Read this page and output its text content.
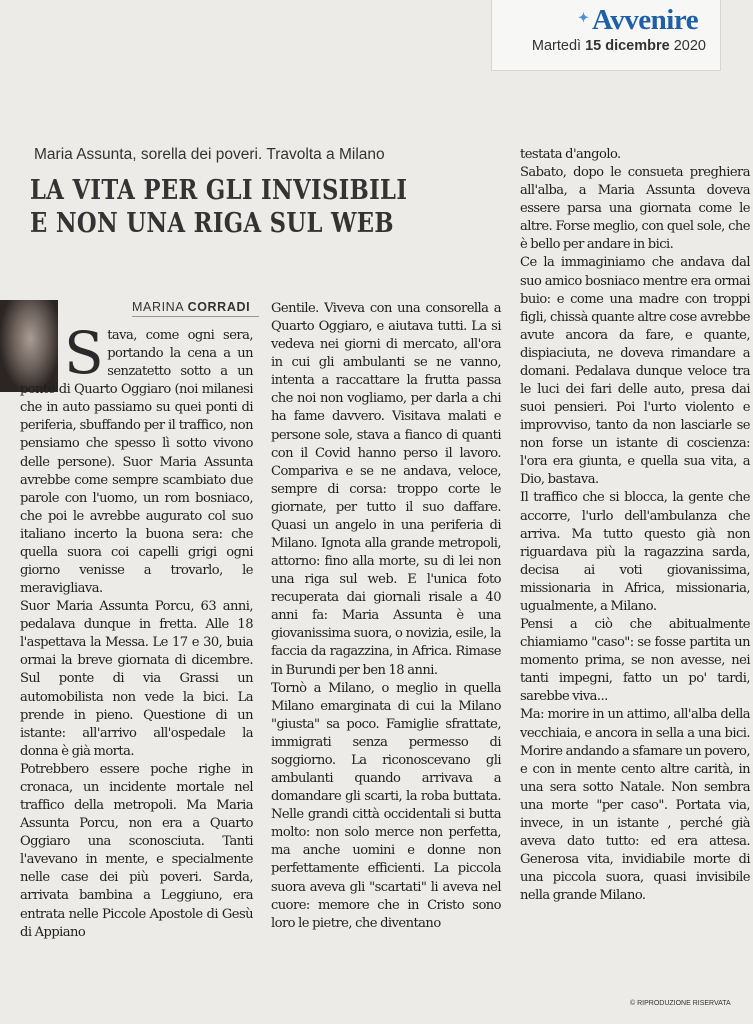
✦ Avvenire
Martedì 15 dicembre 2020
Maria Assunta, sorella dei poveri. Travolta a Milano
LA VITA PER GLI INVISIBILI
E NON UNA RIGA SUL WEB
MARINA CORRADI

Stava, come ogni sera, portando la cena a un senzatetto sotto a un ponte di Quarto Oggiaro (noi milanesi che in auto passiamo su quei ponti di periferia, sbuffando per il traffico, non pensiamo che spesso lì sotto vivono delle persone). Suor Maria Assunta avrebbe come sempre scambiato due parole con l'uomo, un rom bosniaco, che poi le avrebbe augurato col suo italiano incerto la buona sera: che quella suora coi capelli grigi ogni giorno venisse a trovarlo, le meravigliava.

Suor Maria Assunta Porcu, 63 anni, pedalava dunque in fretta. Alle 18 l'aspettava la Messa. Le 17 e 30, buia ormai la breve giornata di dicembre. Sul ponte di via Grassi un automobilista non vede la bici. La prende in pieno. Questione di un istante: all'arrivo all'ospedale la donna è già morta.

Potrebbero essere poche righe in cronaca, un incidente mortale nel traffico della metropoli. Ma Maria Assunta Porcu, non era a Quarto Oggiaro una sconosciuta. Tanti l'avevano in mente, e specialmente nelle case dei più poveri. Sarda, arrivata bambina a Leggiuno, era entrata nelle Piccole Apostole di Gesù di Appiano

Gentile. Viveva con una consorella a Quarto Oggiaro, e aiutava tutti. La si vedeva nei giorni di mercato, all'ora in cui gli ambulanti se ne vanno, intenta a raccattare la frutta passa che noi non vogliamo, per darla a chi ha fame davvero. Visitava malati e persone sole, stava a fianco di quanti con il Covid hanno perso il lavoro. Compariva e se ne andava, veloce, sempre di corsa: troppo corte le giornate, per tutto il suo daffare. Quasi un angelo in una periferia di Milano. Ignota alla grande metropoli, attorno: fino alla morte, su di lei non una riga sul web. E l'unica foto recuperata dai giornali risale a 40 anni fa: Maria Assunta è una giovanissima suora, o novizia, esile, la faccia da ragazzina, in Africa. Rimase in Burundi per ben 18 anni.

Tornò a Milano, o meglio in quella Milano emarginata di cui la Milano "giusta" sa poco. Famiglie sfrattate, immigrati senza permesso di soggiorno. La riconoscevano gli ambulanti quando arrivava a domandare gli scarti, la roba buttata. Nelle grandi città occidentali si butta molto: non solo merce non perfetta, ma anche uomini e donne non perfettamente efficienti. La piccola suora aveva gli "scartati" li aveva nel cuore: memore che in Cristo sono loro le pietre, che diventano

testata d'angolo.

Sabato, dopo le consueta preghiera all'alba, a Maria Assunta doveva essere parsa una giornata come le altre. Forse meglio, con quel sole, che è bello per andare in bici.

Ce la immaginiamo che andava dal suo amico bosniaco mentre era ormai buio: e come una madre con troppi figli, chissà quante altre cose avrebbe avute ancora da fare, e quante, dispiaciuta, ne doveva rimandare a domani. Pedalava dunque veloce tra le luci dei fari delle auto, presa dai suoi pensieri. Poi l'urto violento e improvviso, tanto da non lasciarle se non forse un istante di coscienza: l'ora era giunta, e quella sua vita, a Dio, bastava.

Il traffico che si blocca, la gente che accorre, l'urlo dell'ambulanza che arriva. Ma tutto questo già non riguardava più la ragazzina sarda, decisa ai voti giovanissima, missionaria in Africa, missionaria, ugualmente, a Milano.

Pensi a ciò che abitualmente chiamiamo "caso": se fosse partita un momento prima, se non avesse, nei tanti impegni, fatto un po' tardi, sarebbe viva...

Ma: morire in un attimo, all'alba della vecchiaia, e ancora in sella a una bici. Morire andando a sfamare un povero, e con in mente cento altre carità, in una sera sotto Natale. Non sembra una morte "per caso". Portata via, invece, in un istante , perché già aveva dato tutto: ed era attesa. Generosa vita, invidiabile morte di una piccola suora, quasi invisibile nella grande Milano.

© RIPRODUZIONE RISERVATA
